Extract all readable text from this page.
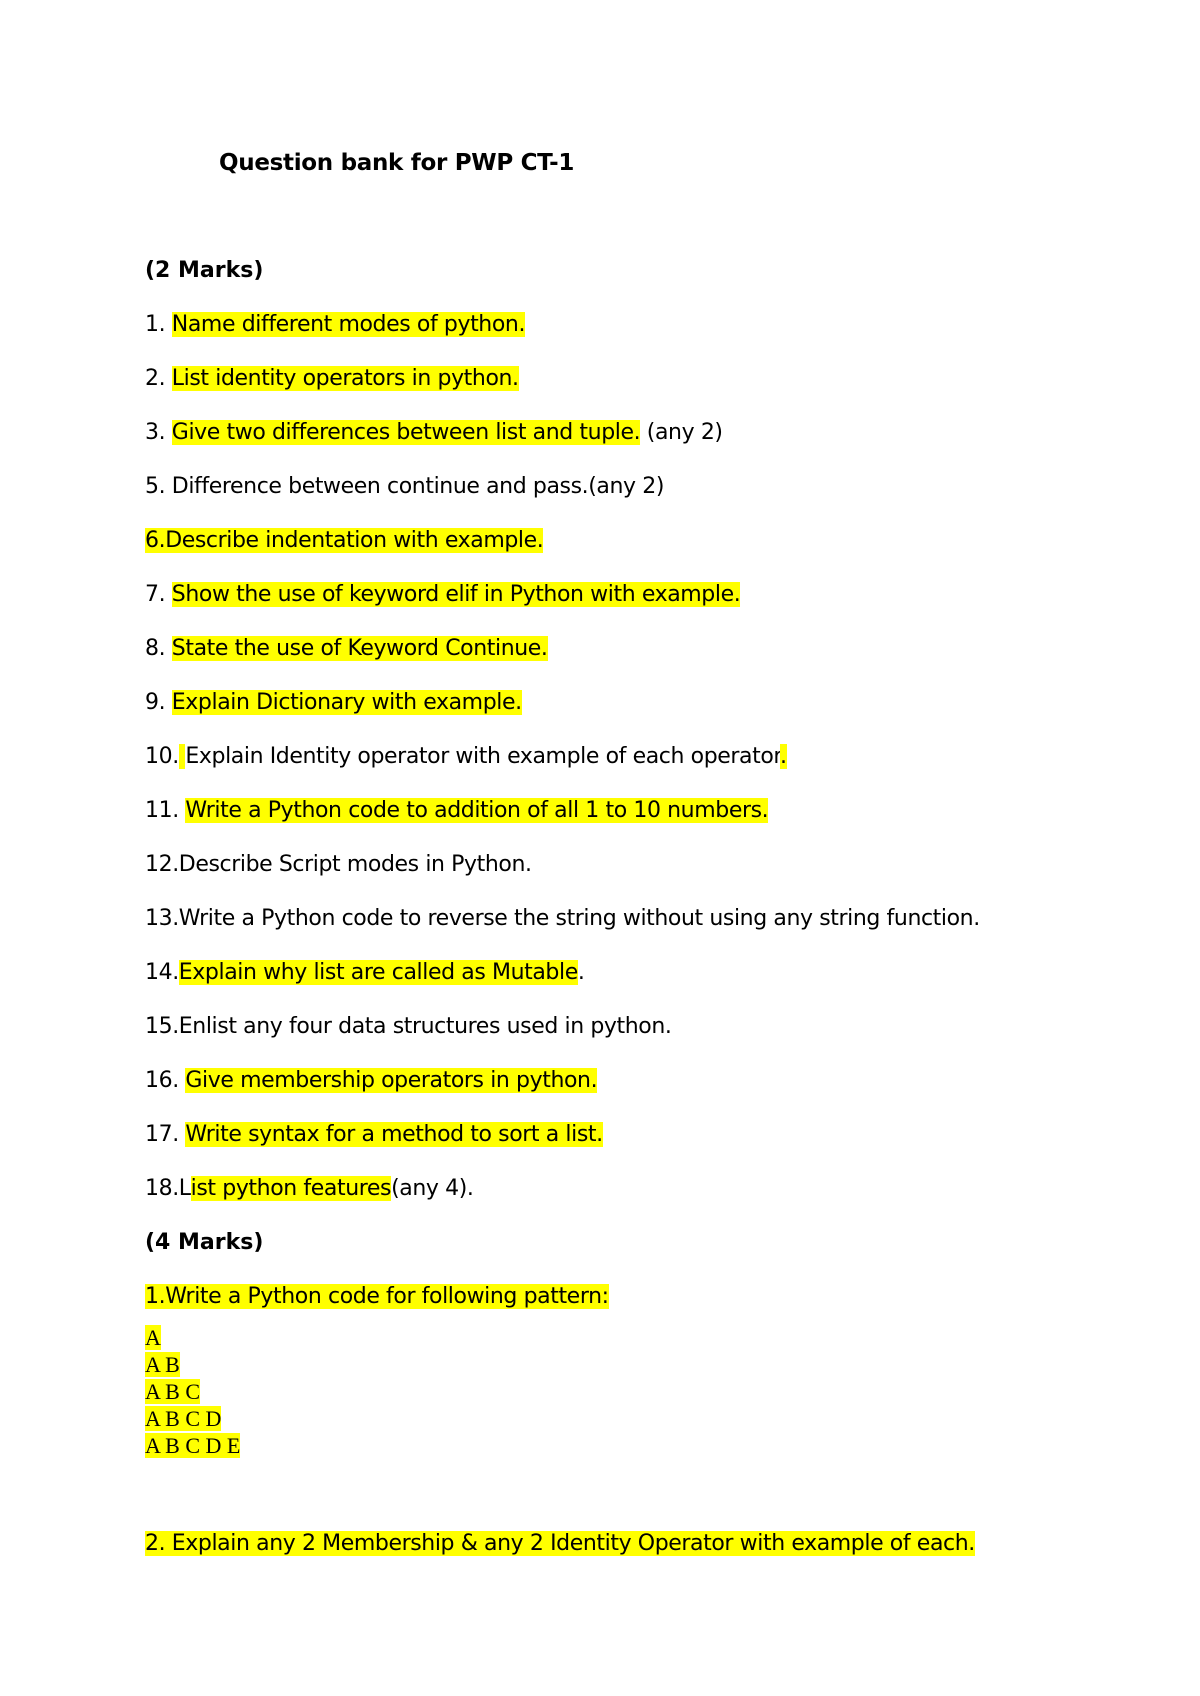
Question bank for PWP CT-1
(2 Marks)
1. Name different modes of python.
2. List identity operators in python.
3. Give two differences between list and tuple. (any 2)
5. Difference between continue and pass.(any 2)
6.Describe indentation with example.
7. Show the use of keyword elif in Python with example.
8. State the use of Keyword Continue.
9. Explain Dictionary with example.
10. Explain Identity operator with example of each operator.
11. Write a Python code to addition of all 1 to 10 numbers.
12.Describe Script modes in Python.
13.Write a Python code to reverse the string without using any string function.
14.Explain why list are called as Mutable.
15.Enlist any four data structures used in python.
16. Give membership operators in python.
17. Write syntax for a method to sort a list.
18.List python features(any 4).
(4 Marks)
1.Write a Python code for following pattern:
A
A B
A B C
A B C D
A B C D E
2. Explain any 2 Membership & any 2 Identity Operator with example of each.
